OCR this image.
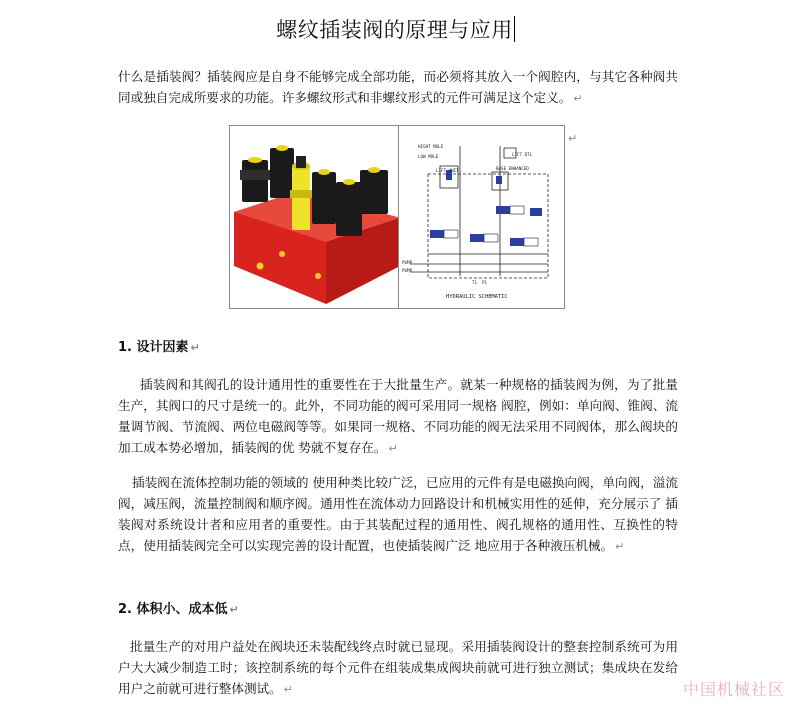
螺纹插装阀的原理与应用
什么是插装阀？插装阀应是自身不能够完成全部功能，而必须将其放入一个阀腔内，与其它各种阀共同或独自完成所要求的功能。许多螺纹形式和非螺纹形式的元件可满足这个定义。 ↵
HIGHT MOLE
LOW MOLE	LIFT DTL
BASE ENHANCED
LIFT UNIT
PUMP
PUMP
T1 P1
HYDRAULIC SCHEMATIC
↵
1. 设计因素 ↵
插装阀和其阀孔的设计通用性的重要性在于大批量生产。就某一种规格的插装阀为例，为了批量生产，其阀口的尺寸是统一的。此外，不同功能的阀可采用同一规格 阀腔，例如：单向阀、锥阀、流量调节阀、节流阀、两位电磁阀等等。如果同一规格、不同功能的阀无法采用不同阀体，那么阀块的加工成本势必增加，插装阀的优 势就不复存在。 ↵
插装阀在流体控制功能的领域的 使用种类比较广泛，已应用的元件有是电磁换向阀，单向阀，溢流阀，减压阀，流量控制阀和顺序阀。通用性在流体动力回路设计和机械实用性的延伸，充分展示了 插装阀对系统设计者和应用者的重要性。由于其装配过程的通用性、阀孔规格的通用性、互换性的特点，使用插装阀完全可以实现完善的设计配置，也使插装阀广泛 地应用于各种液压机械。 ↵
2. 体积小、成本低 ↵
批量生产的对用户益处在阀块还未装配线终点时就已显现。采用插装阀设计的整套控制系统可为用户大大减少制造工时；该控制系统的每个元件在组装成集成阀块前就可进行独立测试；集成块在发给用户之前就可进行整体测试。 ↵	中国机械社区
